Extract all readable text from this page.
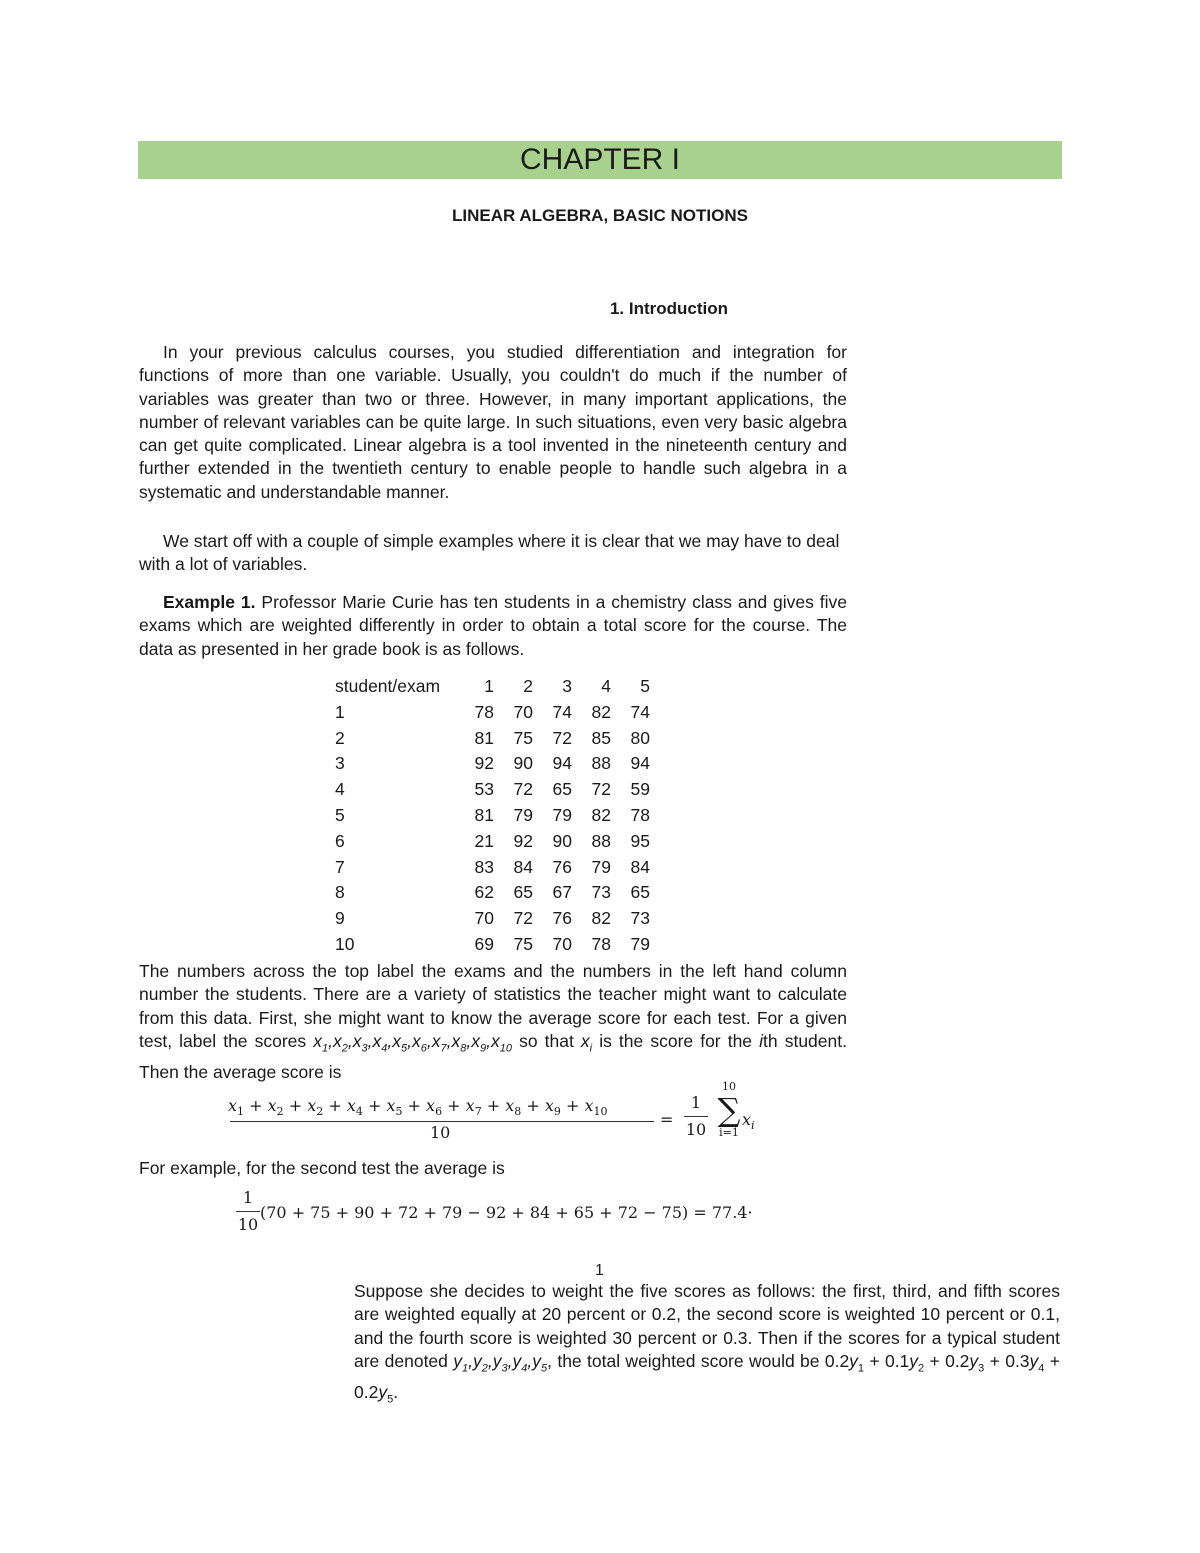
CHAPTER I
LINEAR ALGEBRA, BASIC NOTIONS
1. Introduction

In your previous calculus courses, you studied differentiation and integration for functions of more than one variable. Usually, you couldn't do much if the number of variables was greater than two or three. However, in many important applications, the number of relevant variables can be quite large. In such situations, even very basic algebra can get quite complicated. Linear algebra is a tool invented in the nineteenth century and further extended in the twentieth century to enable people to handle such algebra in a systematic and understandable manner.

We start off with a couple of simple examples where it is clear that we may have to deal with a lot of variables.

Example 1. Professor Marie Curie has ten students in a chemistry class and gives five exams which are weighted differently in order to obtain a total score for the course. The data as presented in her grade book is as follows.

student/exam	1	2	3	4	5
1	78	70	74	82	74
2	81	75	72	85	80
3	92	90	94	88	94
4	53	72	65	72	59
5	81	79	79	82	78
6	21	92	90	88	95
7	83	84	76	79	84
8	62	65	67	73	65
9	70	72	76	82	73
10	69	75	70	78	79

The numbers across the top label the exams and the numbers in the left hand column number the students. There are a variety of statistics the teacher might want to calculate from this data. First, she might want to know the average score for each test. For a given test, label the scores $x_1,x_2,x_3,x_4,x_5,x_6,x_7,x_8,x_9,x_{10}$ so that $x_i$ is the score for the ith student. Then the average score is

$x_1 + x_2 + x_2 + x_4 + x_5 + x_6 + x_7 + x_8 + x_9 + x_{10}$
10
=
1
10
10
∑
i=1
$x_i$

For example, for the second test the average is

1
10
(70 + 75 + 90 + 72 + 79 − 92 + 84 + 65 + 72 − 75) = 77.4·
1

Suppose she decides to weight the five scores as follows: the first, third, and fifth scores are weighted equally at 20 percent or 0.2, the second score is weighted 10 percent or 0.1, and the fourth score is weighted 30 percent or 0.3. Then if the scores for a typical student are denoted $y_1,y_2,y_3,y_4,y_5$, the total weighted score would be $0.2y_1 + 0.1y_2 + 0.2y_3 + 0.3y_4 + 0.2y_5$.
